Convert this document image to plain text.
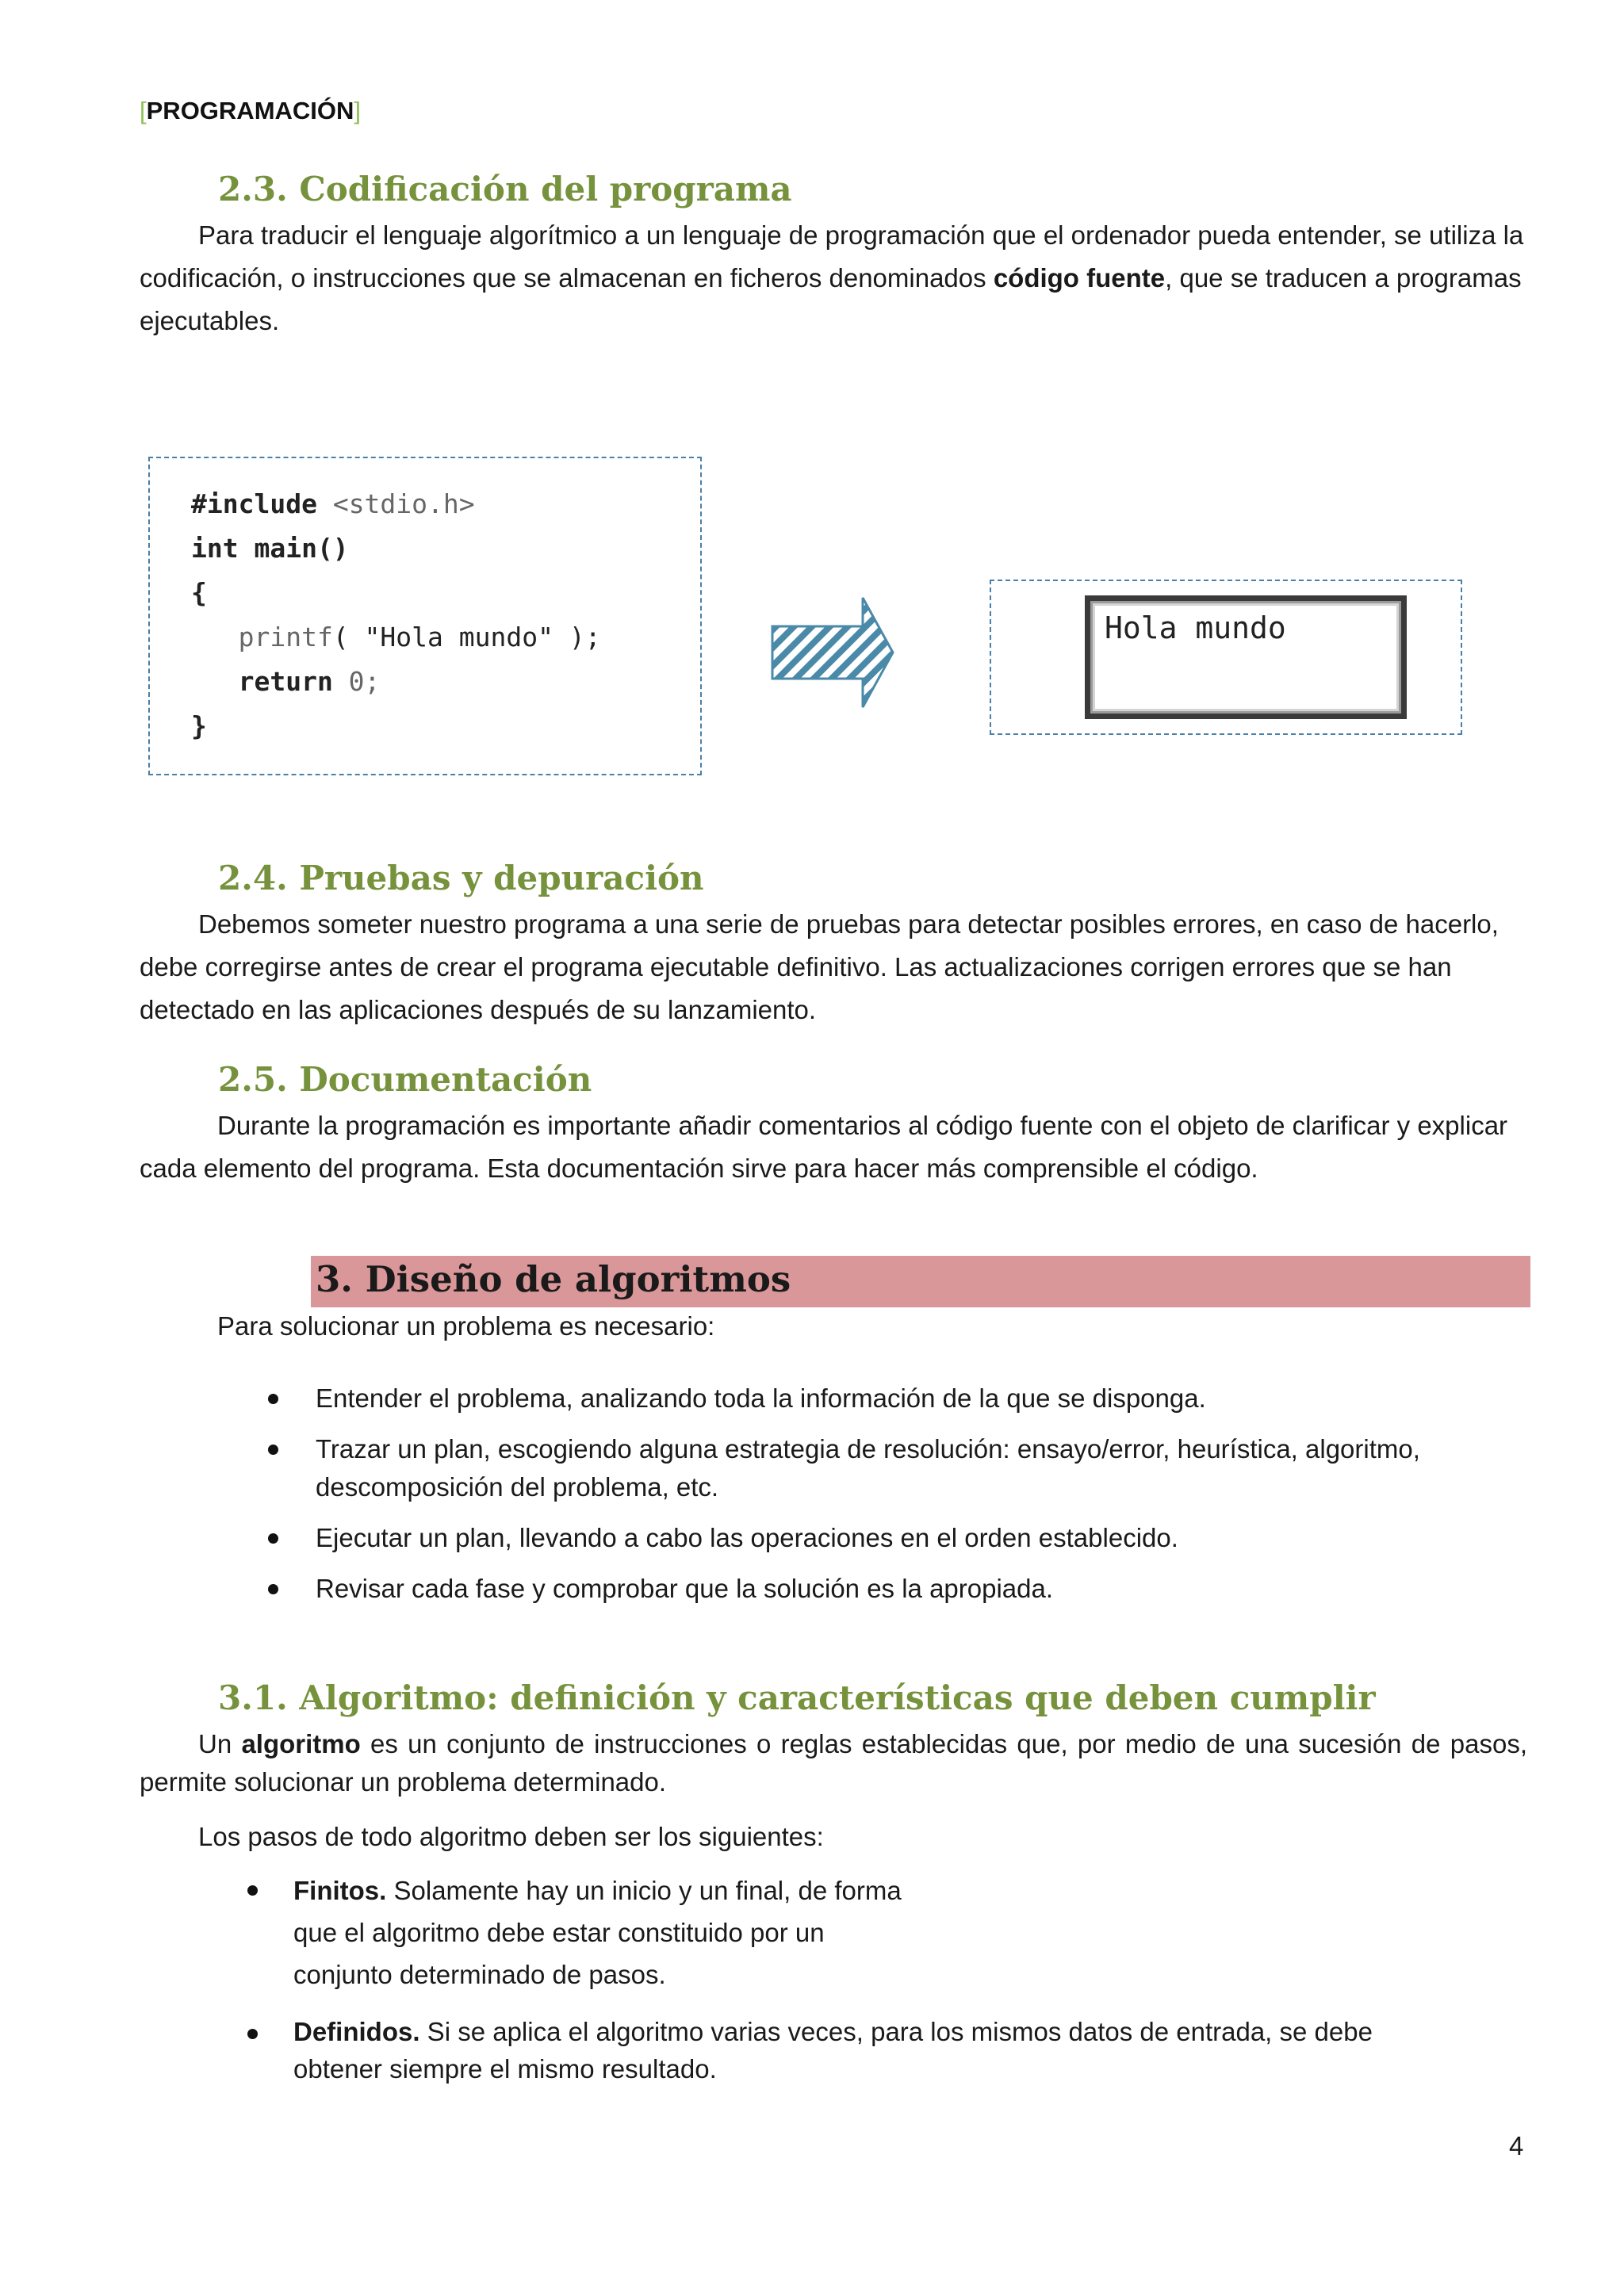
[PROGRAMACIÓN]
2.3. Codificación del programa
Para traducir el lenguaje algorítmico a un lenguaje de programación que el ordenador pueda entender, se utiliza la codificación, o instrucciones que se almacenan en ficheros denominados código fuente, que se traducen a programas ejecutables.
#include <stdio.h>
int main()
{
printf( "Hola mundo" );
return 0;
}
Hola mundo
2.4. Pruebas y depuración
Debemos someter nuestro programa a una serie de pruebas para detectar posibles errores, en caso de hacerlo, debe corregirse antes de crear el programa ejecutable definitivo. Las actualizaciones corrigen errores que se han detectado en las aplicaciones después de su lanzamiento.
2.5. Documentación
Durante la programación es importante añadir comentarios al código fuente con el objeto de clarificar y explicar cada elemento del programa. Esta documentación sirve para hacer más comprensible el código.
3. Diseño de algoritmos
Para solucionar un problema es necesario:
Entender el problema, analizando toda la información de la que se disponga.
Trazar un plan, escogiendo alguna estrategia de resolución: ensayo/error, heurística, algoritmo, descomposición del problema, etc.
Ejecutar un plan, llevando a cabo las operaciones en el orden establecido.
Revisar cada fase y comprobar que la solución es la apropiada.
3.1. Algoritmo: definición y características que deben cumplir
Un algoritmo es un conjunto de instrucciones o reglas establecidas que, por medio de una sucesión de pasos, permite solucionar un problema determinado.
Los pasos de todo algoritmo deben ser los siguientes:
Finitos. Solamente hay un inicio y un final, de forma que el algoritmo debe estar constituido por un conjunto determinado de pasos.
Definidos. Si se aplica el algoritmo varias veces, para los mismos datos de entrada, se debe obtener siempre el mismo resultado.
4
